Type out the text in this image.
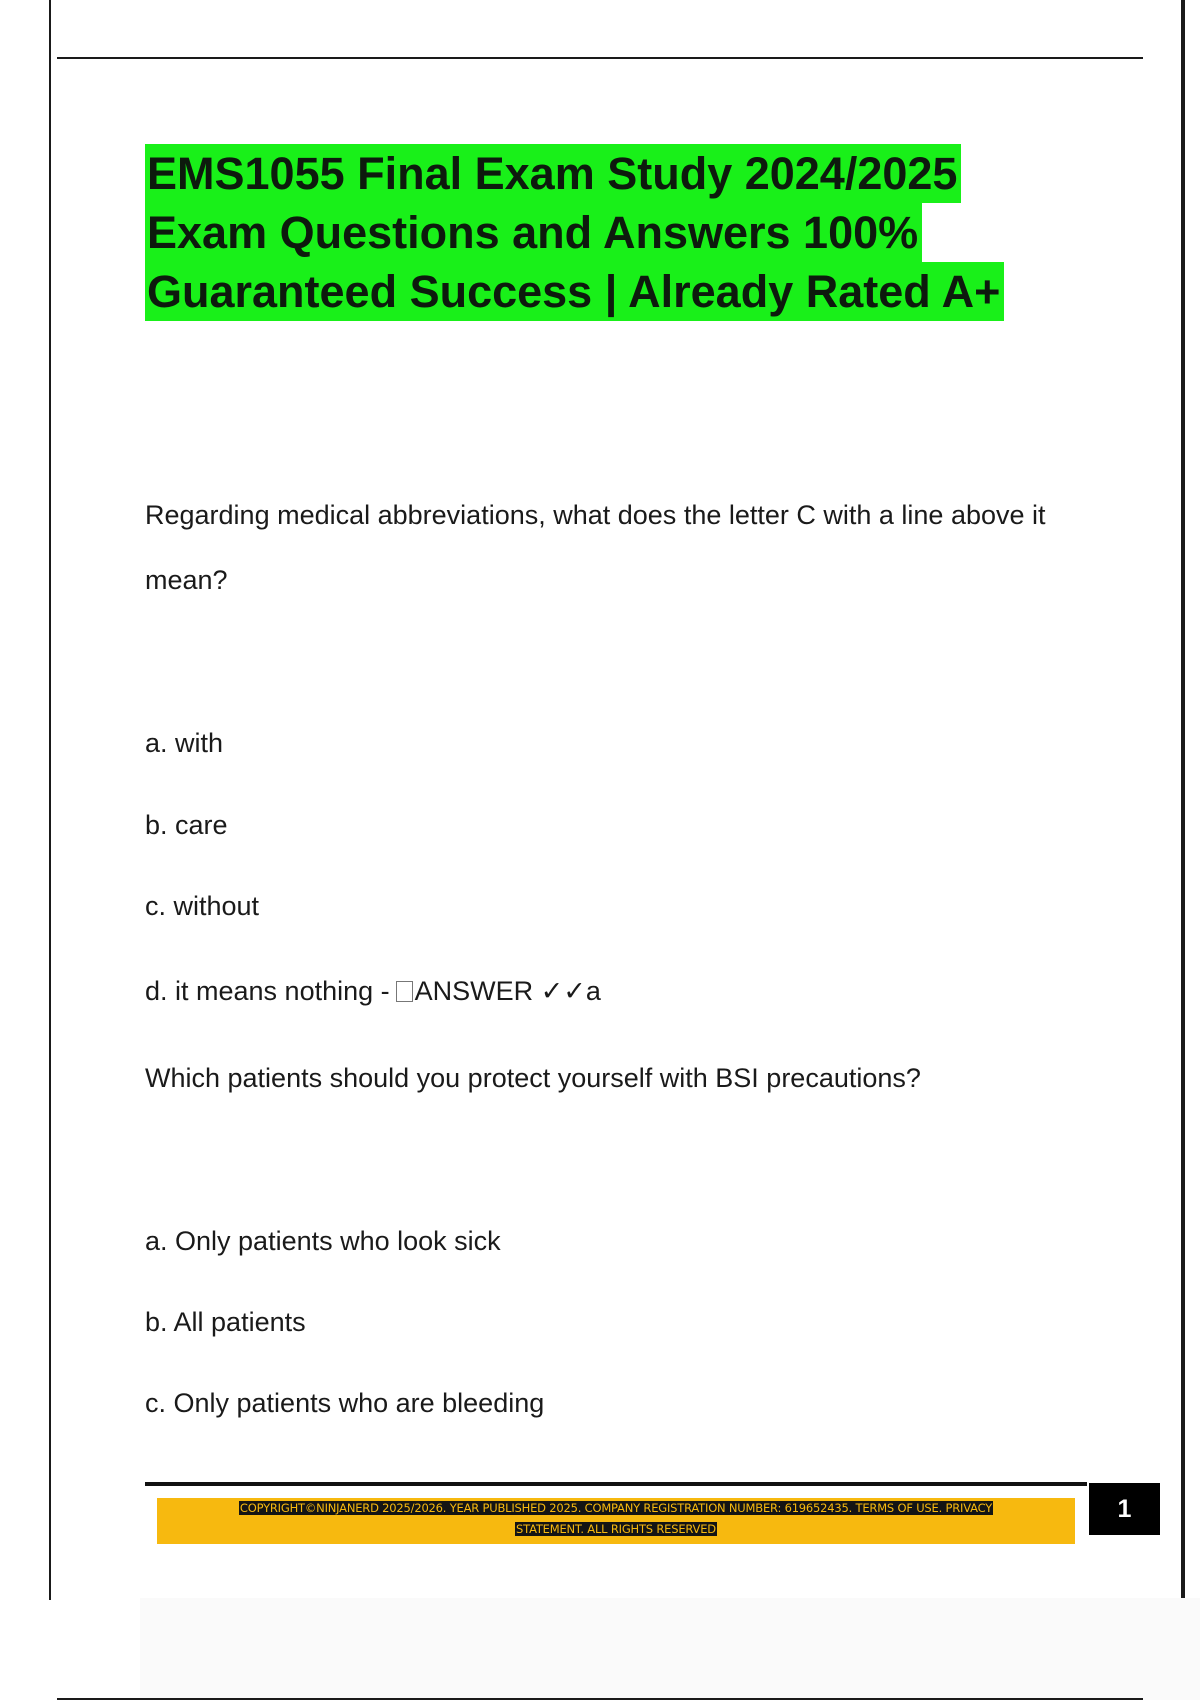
EMS1055 Final Exam Study 2024/2025
Exam Questions and Answers 100%
Guaranteed Success | Already Rated A+
Regarding medical abbreviations, what does the letter C with a line above it mean?
a. with
b. care
c. without
d. it means nothing - ANSWER ✓✓a
Which patients should you protect yourself with BSI precautions?
a. Only patients who look sick
b. All patients
c. Only patients who are bleeding
COPYRIGHT©NINJANERD 2025/2026. YEAR PUBLISHED 2025. COMPANY REGISTRATION NUMBER: 619652435. TERMS OF USE. PRIVACY
STATEMENT. ALL RIGHTS RESERVED
1
